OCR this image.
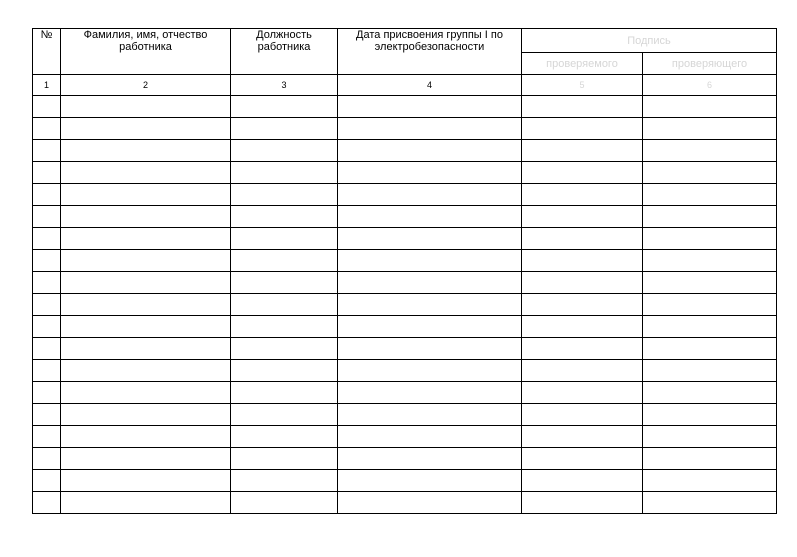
№	Фамилия, имя, отчество работника	Должность работника	Дата присвоения группы I по электробезопасности	Подпись	
				проверяемого	проверяющего
1	2	3	4	5	6
